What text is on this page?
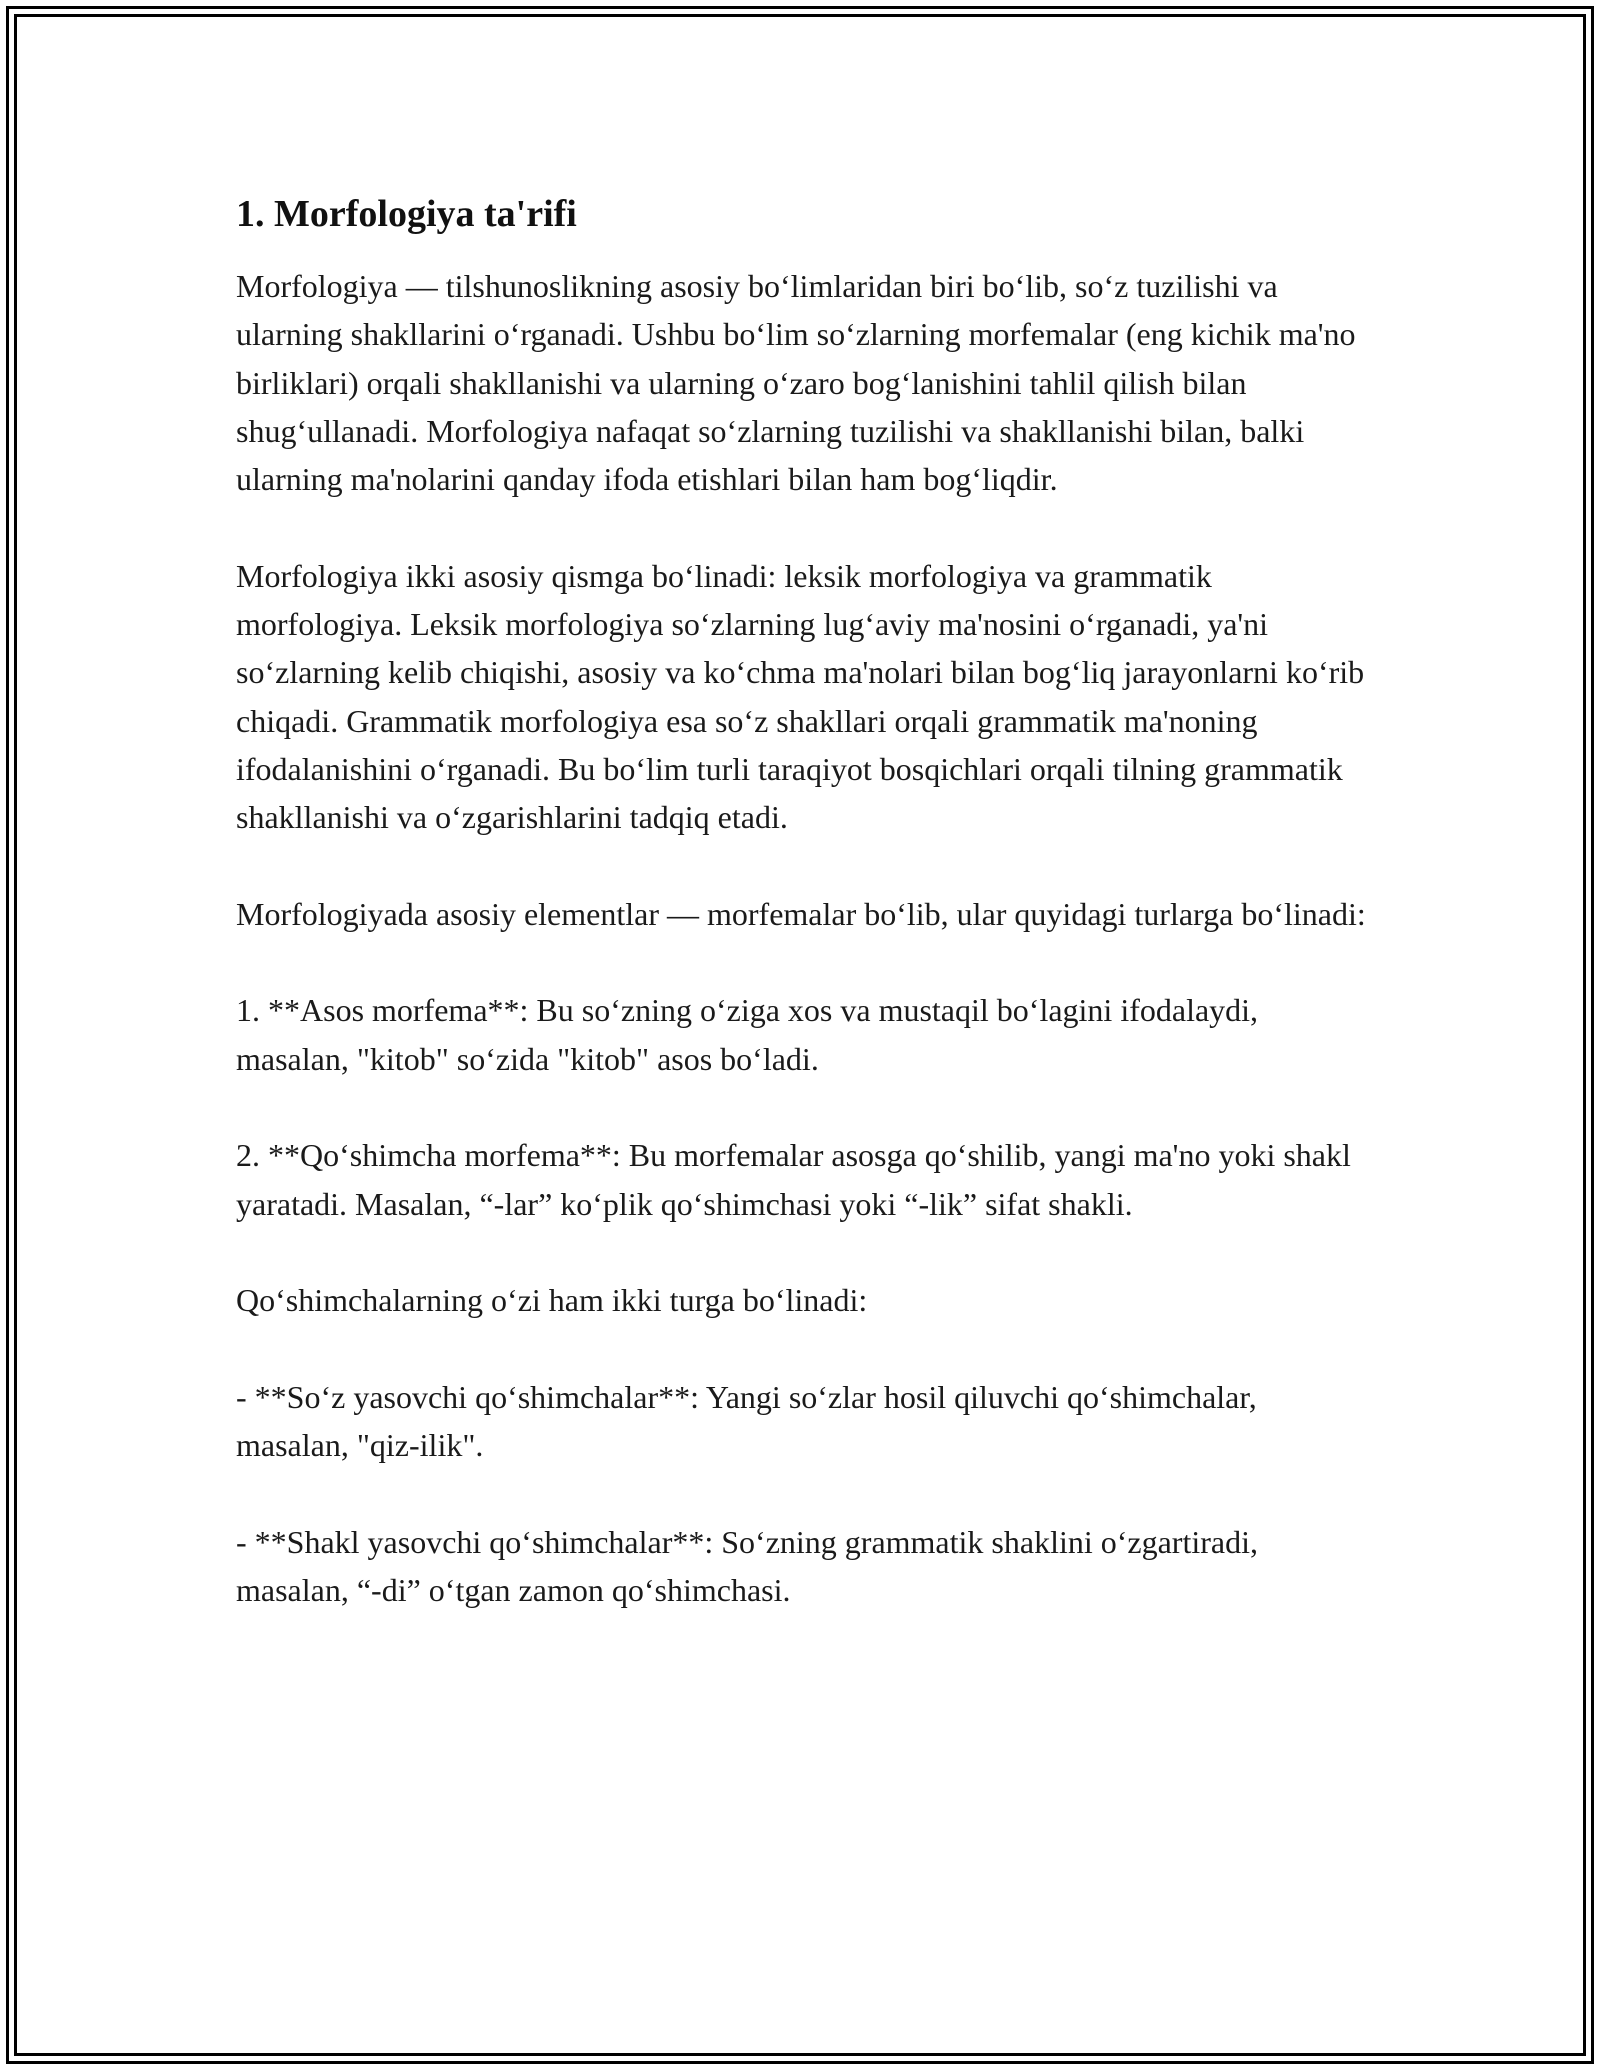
1. Morfologiya ta'rifi

Morfologiya — tilshunoslikning asosiy bo‘limlaridan biri bo‘lib, so‘z tuzilishi va ularning shakllarini o‘rganadi. Ushbu bo‘lim so‘zlarning morfemalar (eng kichik ma'no birliklari) orqali shakllanishi va ularning o‘zaro bog‘lanishini tahlil qilish bilan shug‘ullanadi. Morfologiya nafaqat so‘zlarning tuzilishi va shakllanishi bilan, balki ularning ma'nolarini qanday ifoda etishlari bilan ham bog‘liqdir.

Morfologiya ikki asosiy qismga bo‘linadi: leksik morfologiya va grammatik morfologiya. Leksik morfologiya so‘zlarning lug‘aviy ma'nosini o‘rganadi, ya'ni so‘zlarning kelib chiqishi, asosiy va ko‘chma ma'nolari bilan bog‘liq jarayonlarni ko‘rib chiqadi. Grammatik morfologiya esa so‘z shakllari orqali grammatik ma'noning ifodalanishini o‘rganadi. Bu bo‘lim turli taraqiyot bosqichlari orqali tilning grammatik shakllanishi va o‘zgarishlarini tadqiq etadi.

Morfologiyada asosiy elementlar — morfemalar bo‘lib, ular quyidagi turlarga bo‘linadi:

1. **Asos morfema**: Bu so‘zning o‘ziga xos va mustaqil bo‘lagini ifodalaydi, masalan, "kitob" so‘zida "kitob" asos bo‘ladi.

2. **Qo‘shimcha morfema**: Bu morfemalar asosga qo‘shilib, yangi ma'no yoki shakl yaratadi. Masalan, “-lar” ko‘plik qo‘shimchasi yoki “-lik” sifat shakli.

Qo‘shimchalarning o‘zi ham ikki turga bo‘linadi:

- **So‘z yasovchi qo‘shimchalar**: Yangi so‘zlar hosil qiluvchi qo‘shimchalar, masalan, "qiz-ilik".

- **Shakl yasovchi qo‘shimchalar**: So‘zning grammatik shaklini o‘zgartiradi, masalan, “-di” o‘tgan zamon qo‘shimchasi.
